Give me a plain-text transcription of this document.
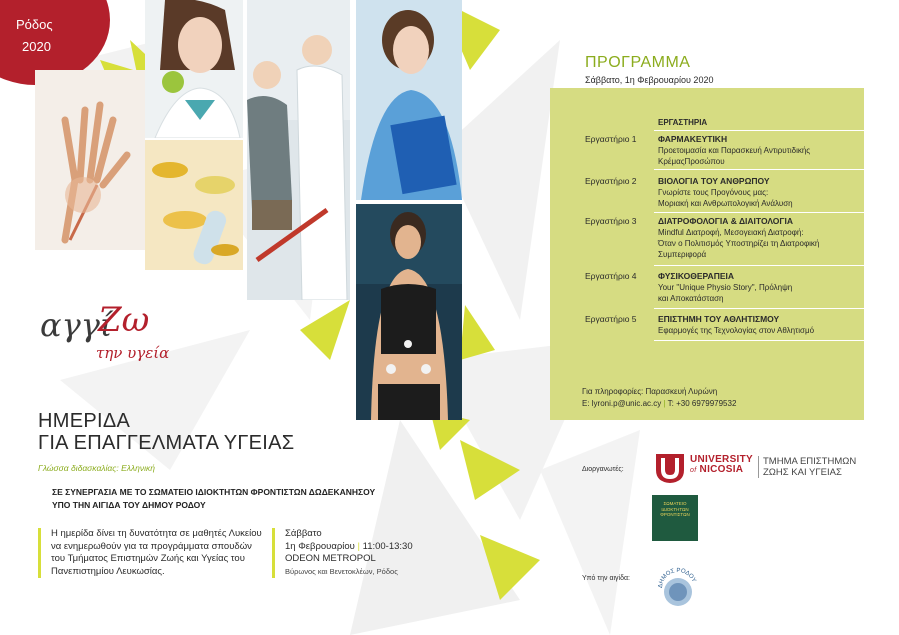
Ρόδος
2020
αγγί
Ζω
την υγεία
ΗΜΕΡΙΔΑ
ΓΙΑ ΕΠΑΓΓΕΛΜΑΤΑ ΥΓΕΙΑΣ
Γλώσσα διδασκαλίας: Ελληνική
ΣΕ ΣΥΝΕΡΓΑΣΙΑ ΜΕ ΤΟ ΣΩΜΑΤΕΙΟ ΙΔΙΟΚΤΗΤΩΝ ΦΡΟΝΤΙΣΤΩΝ ΔΩΔΕΚΑΝΗΣΟΥ
ΥΠΟ ΤΗΝ ΑΙΓΙΔΑ ΤΟΥ ΔΗΜΟΥ ΡΟΔΟΥ
Η ημερίδα δίνει τη δυνατότητα σε μαθητές Λυκείου να ενημερωθούν για τα προγράμματα σπουδών του Τμήματος Επιστημών Ζωής και Υγείας του Πανεπιστημίου Λευκωσίας.
Σάββατο
1η Φεβρουαρίου | 11:00-13:30
ODEON METROPOL
Βύρωνος και Βενετοκλέων, Ρόδος
ΠΡΟΓΡΑΜΜΑ
Σάββατο, 1η Φεβρουαρίου 2020
ΕΡΓΑΣΤΗΡΙΑ
Εργαστήριο 1	ΦΑΡΜΑΚΕΥΤΙΚΗ
Προετοιμασία και Παρασκευή Αντιρυτιδικής
ΚρέμαςΠροσώπου
Εργαστήριο 2	ΒΙΟΛΟΓΙΑ ΤΟΥ ΑΝΘΡΩΠΟΥ
Γνωρίστε τους Προγόνους μας:
Μοριακή και Ανθρωπολογική Ανάλυση
Εργαστήριο 3	ΔΙΑΤΡΟΦΟΛΟΓΙΑ & ΔΙΑΙΤΟΛΟΓΙΑ
Mindful Διατροφή, Μεσογειακή Διατροφή:
Όταν ο Πολιτισμός Υποστηρίζει τη Διατροφική
Συμπεριφορά
Εργαστήριο 4	ΦΥΣΙΚΟΘΕΡΑΠΕΙΑ
Your "Unique Physio Story", Πρόληψη
και Αποκατάσταση
Εργαστήριο 5	ΕΠΙΣΤΗΜΗ ΤΟΥ ΑΘΛΗΤΙΣΜΟΥ
Εφαρμογές της Τεχνολογίας στον Αθλητισμό
Για πληροφορίες: Παρασκευή Λυρώνη
E: lyroni.p@unic.ac.cy | T: +30 6979979532
Διοργανωτές:
UNIVERSITY
of NICOSIA
ΤΜΗΜΑ ΕΠΙΣΤΗΜΩΝ
ΖΩΗΣ ΚΑΙ ΥΓΕΙΑΣ
ΣΩΜΑΤΕΙΟ ΙΔΙΟΚΤΗΤΩΝ ΦΡΟΝΤΙΣΤΩΝ
Υπό την αιγίδα:
ΔΗΜΟΣ ΡΟΔΟΥ
